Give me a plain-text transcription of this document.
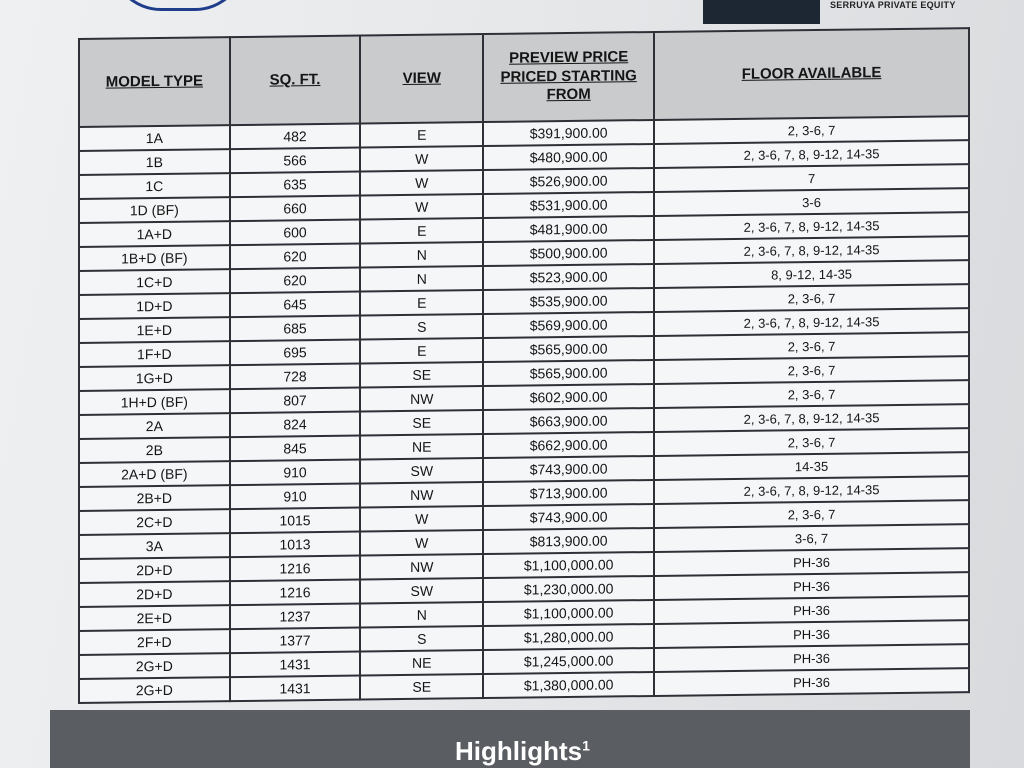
SERRUYA PRIVATE EQUITY
MODEL TYPE	SQ. FT.	VIEW	PREVIEW PRICE PRICED STARTING FROM	FLOOR AVAILABLE
1A	482	E	$391,900.00	2, 3-6, 7
1B	566	W	$480,900.00	2, 3-6, 7, 8, 9-12, 14-35
1C	635	W	$526,900.00	7
1D (BF)	660	W	$531,900.00	3-6
1A+D	600	E	$481,900.00	2, 3-6, 7, 8, 9-12, 14-35
1B+D (BF)	620	N	$500,900.00	2, 3-6, 7, 8, 9-12, 14-35
1C+D	620	N	$523,900.00	8, 9-12, 14-35
1D+D	645	E	$535,900.00	2, 3-6, 7
1E+D	685	S	$569,900.00	2, 3-6, 7, 8, 9-12, 14-35
1F+D	695	E	$565,900.00	2, 3-6, 7
1G+D	728	SE	$565,900.00	2, 3-6, 7
1H+D (BF)	807	NW	$602,900.00	2, 3-6, 7
2A	824	SE	$663,900.00	2, 3-6, 7, 8, 9-12, 14-35
2B	845	NE	$662,900.00	2, 3-6, 7
2A+D (BF)	910	SW	$743,900.00	14-35
2B+D	910	NW	$713,900.00	2, 3-6, 7, 8, 9-12, 14-35
2C+D	1015	W	$743,900.00	2, 3-6, 7
3A	1013	W	$813,900.00	3-6, 7
2D+D	1216	NW	$1,100,000.00	PH-36
2D+D	1216	SW	$1,230,000.00	PH-36
2E+D	1237	N	$1,100,000.00	PH-36
2F+D	1377	S	$1,280,000.00	PH-36
2G+D	1431	NE	$1,245,000.00	PH-36
2G+D	1431	SE	$1,380,000.00	PH-36
Highlights$^1$
